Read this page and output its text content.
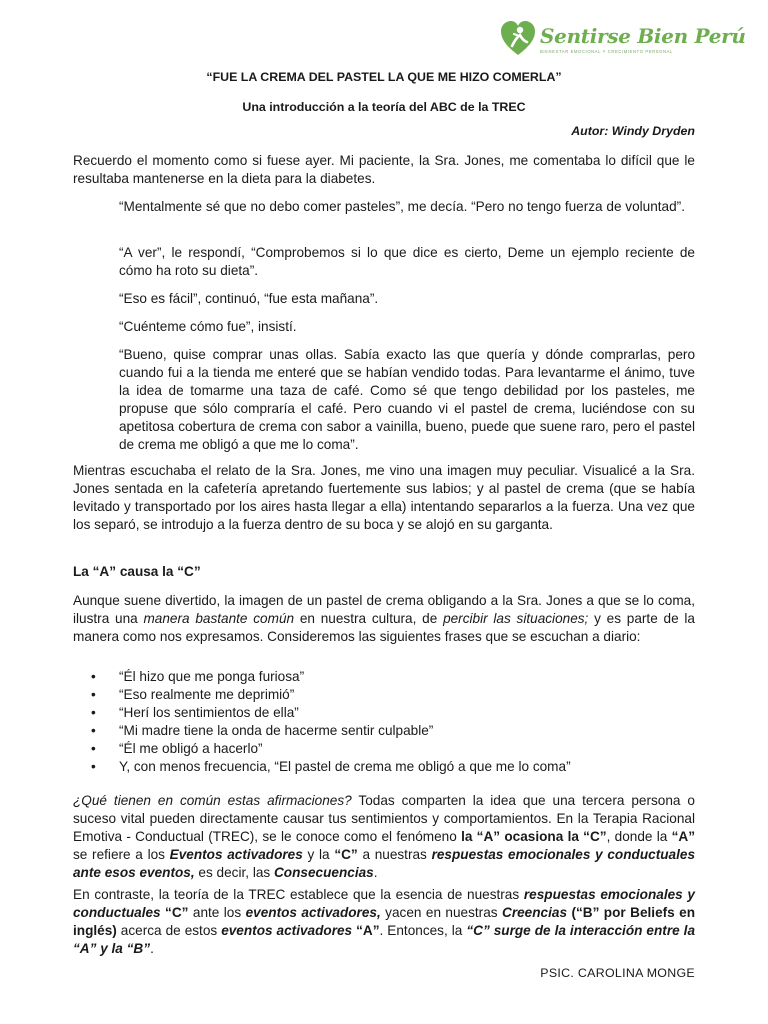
Sentirse Bien Perú
BIENESTAR EMOCIONAL Y CRECIMIENTO PERSONAL
“FUE LA CREMA DEL PASTEL LA QUE ME HIZO COMERLA”
Una introducción a la teoría del ABC de la TREC
Autor: Windy Dryden

Recuerdo el momento como si fuese ayer. Mi paciente, la Sra. Jones, me comentaba lo difícil que le resultaba mantenerse en la dieta para la diabetes.

“Mentalmente sé que no debo comer pasteles”, me decía. “Pero no tengo fuerza de voluntad”.

“A ver”, le respondí, “Comprobemos si lo que dice es cierto, Deme un ejemplo reciente de cómo ha roto su dieta”.

“Eso es fácil”, continuó, “fue esta mañana”.

“Cuénteme cómo fue”, insistí.

“Bueno, quise comprar unas ollas. Sabía exacto las que quería y dónde comprarlas, pero cuando fui a la tienda me enteré que se habían vendido todas. Para levantarme el ánimo, tuve la idea de tomarme una taza de café. Como sé que tengo debilidad por los pasteles, me propuse que sólo compraría el café. Pero cuando vi el pastel de crema, luciéndose con su apetitosa cobertura de crema con sabor a vainilla, bueno, puede que suene raro, pero el pastel de crema me obligó a que me lo coma”.

Mientras escuchaba el relato de la Sra. Jones, me vino una imagen muy peculiar. Visualicé a la Sra. Jones sentada en la cafetería apretando fuertemente sus labios; y al pastel de crema (que se había levitado y transportado por los aires hasta llegar a ella) intentando separarlos a la fuerza. Una vez que los separó, se introdujo a la fuerza dentro de su boca y se alojó en su garganta.

La “A” causa la “C”

Aunque suene divertido, la imagen de un pastel de crema obligando a la Sra. Jones a que se lo coma, ilustra una manera bastante común en nuestra cultura, de percibir las situaciones; y es parte de la manera como nos expresamos. Consideremos las siguientes frases que se escuchan a diario:

• “Él hizo que me ponga furiosa”
• “Eso realmente me deprimió”
• “Herí los sentimientos de ella”
• “Mi madre tiene la onda de hacerme sentir culpable”
• “Él me obligó a hacerlo”
• Y, con menos frecuencia, “El pastel de crema me obligó a que me lo coma”

¿Qué tienen en común estas afirmaciones? Todas comparten la idea que una tercera persona o suceso vital pueden directamente causar tus sentimientos y comportamientos. En la Terapia Racional Emotiva - Conductual (TREC), se le conoce como el fenómeno la “A” ocasiona la “C”, donde la “A” se refiere a los Eventos activadores y la “C” a nuestras respuestas emocionales y conductuales ante esos eventos, es decir, las Consecuencias.

En contraste, la teoría de la TREC establece que la esencia de nuestras respuestas emocionales y conductuales “C” ante los eventos activadores, yacen en nuestras Creencias (“B” por Beliefs en inglés) acerca de estos eventos activadores “A”. Entonces, la “C” surge de la interacción entre la “A” y la “B”.

PSIC. CAROLINA MONGE
